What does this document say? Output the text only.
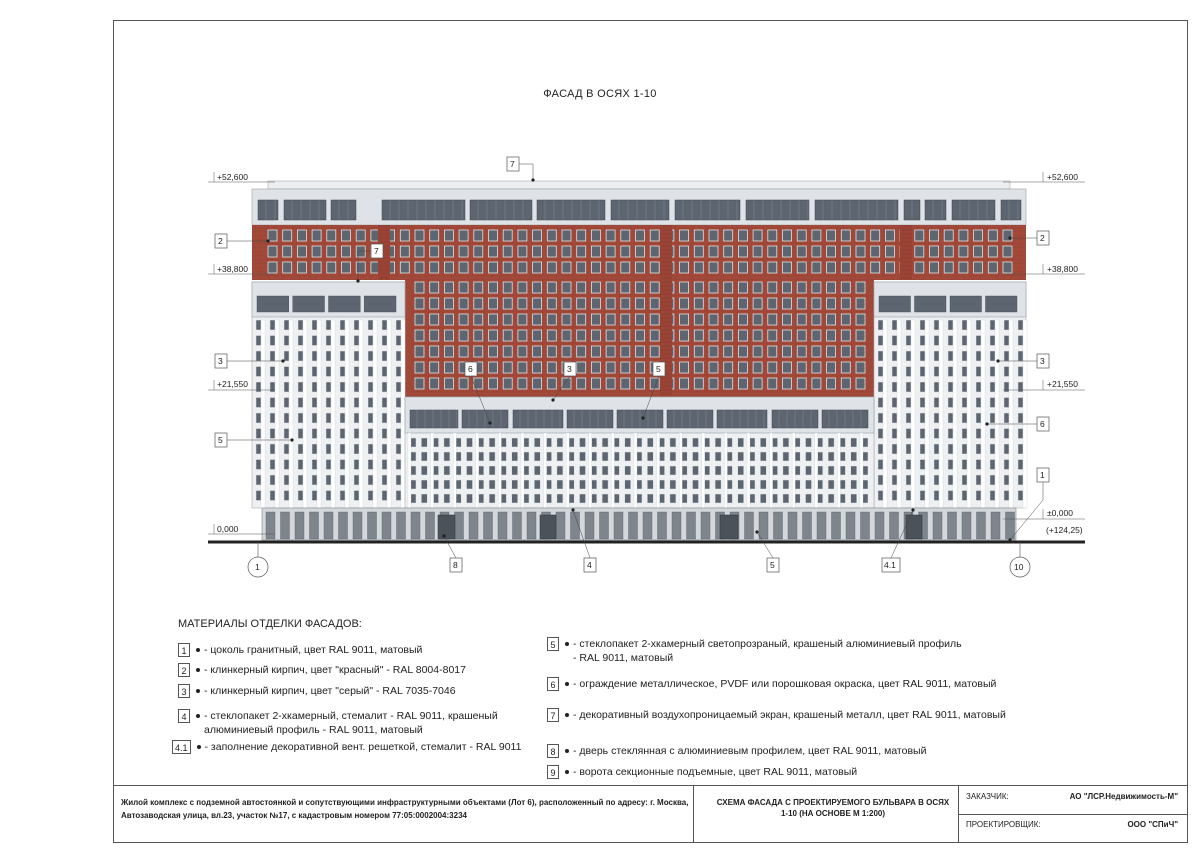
ФАСАД В ОСЯХ 1-10
+52,600
+38,800
+21,550
0,000
+52,600
+38,800
+21,550
±0,000
(+124,25)
7
7
2
3
5
2
3
6
1
6	3	5
8	4	5	4.1
1	10
МАТЕРИАЛЫ ОТДЕЛКИ ФАСАДОВ:
1	- цоколь гранитный, цвет RAL 9011, матовый
2	- клинкерный кирпич, цвет "красный" - RAL 8004-8017
3	- клинкерный кирпич, цвет "серый" - RAL 7035-7046
4	- стеклопакет 2-хкамерный, стемалит - RAL 9011, крашеный алюминиевый профиль - RAL 9011, матовый
4.1 - заполнение декоративной вент. решеткой, стемалит - RAL 9011
5	- стеклопакет 2-хкамерный светопрозраный, крашеный алюминиевый профиль - RAL 9011, матовый
6	- ограждение металлическое, PVDF или порошковая окраска, цвет RAL 9011, матовый
7	- декоративный воздухопроницаемый экран, крашеный металл, цвет RAL 9011, матовый
8	- дверь стеклянная с алюминиевым профилем, цвет RAL 9011, матовый
9	- ворота секционные подъемные, цвет RAL 9011, матовый
Жилой комплекс с подземной автостоянкой и сопутствующими инфраструктурными объектами (Лот 6), расположенный по адресу: г. Москва, Автозаводская улица, вл.23, участок №17, с кадастровым номером 77:05:0002004:3234
СХЕМА ФАСАДА С ПРОЕКТИРУЕМОГО БУЛЬВАРА В ОСЯХ 1-10 (НА ОСНОВЕ М 1:200)
ЗАКАЗЧИК:	АО "ЛСР.Недвижимость-М"
ПРОЕКТИРОВЩИК:	ООО "СПиЧ"
